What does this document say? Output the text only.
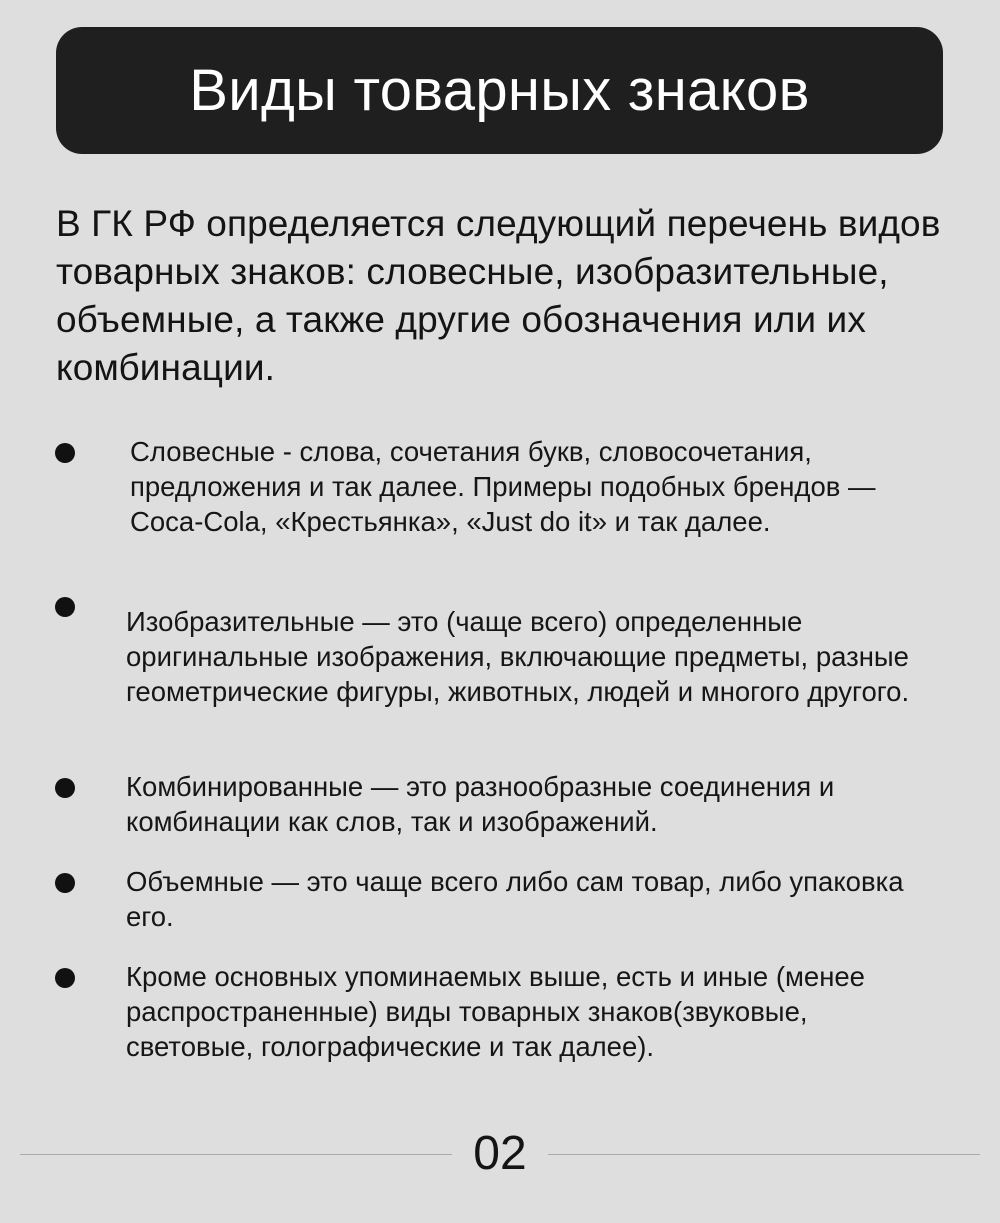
Виды товарных знаков
В ГК РФ определяется следующий перечень видов товарных знаков: словесные, изобразительные, объемные, а также другие обозначения или их комбинации.
Словесные - слова, сочетания букв, словосочетания, предложения и так далее. Примеры подобных брендов — Coca-Cola, «Крестьянка», «Just do it» и так далее.
Изобразительные — это (чаще всего) определенные оригинальные изображения, включающие предметы, разные геометрические фигуры, животных, людей и многого другого.
Комбинированные — это разнообразные соединения и комбинации как слов, так и изображений.
Объемные — это чаще всего либо сам товар, либо упаковка его.
Кроме основных упоминаемых выше, есть и иные (менее распространенные) виды товарных знаков(звуковые, световые, голографические и так далее).
02
